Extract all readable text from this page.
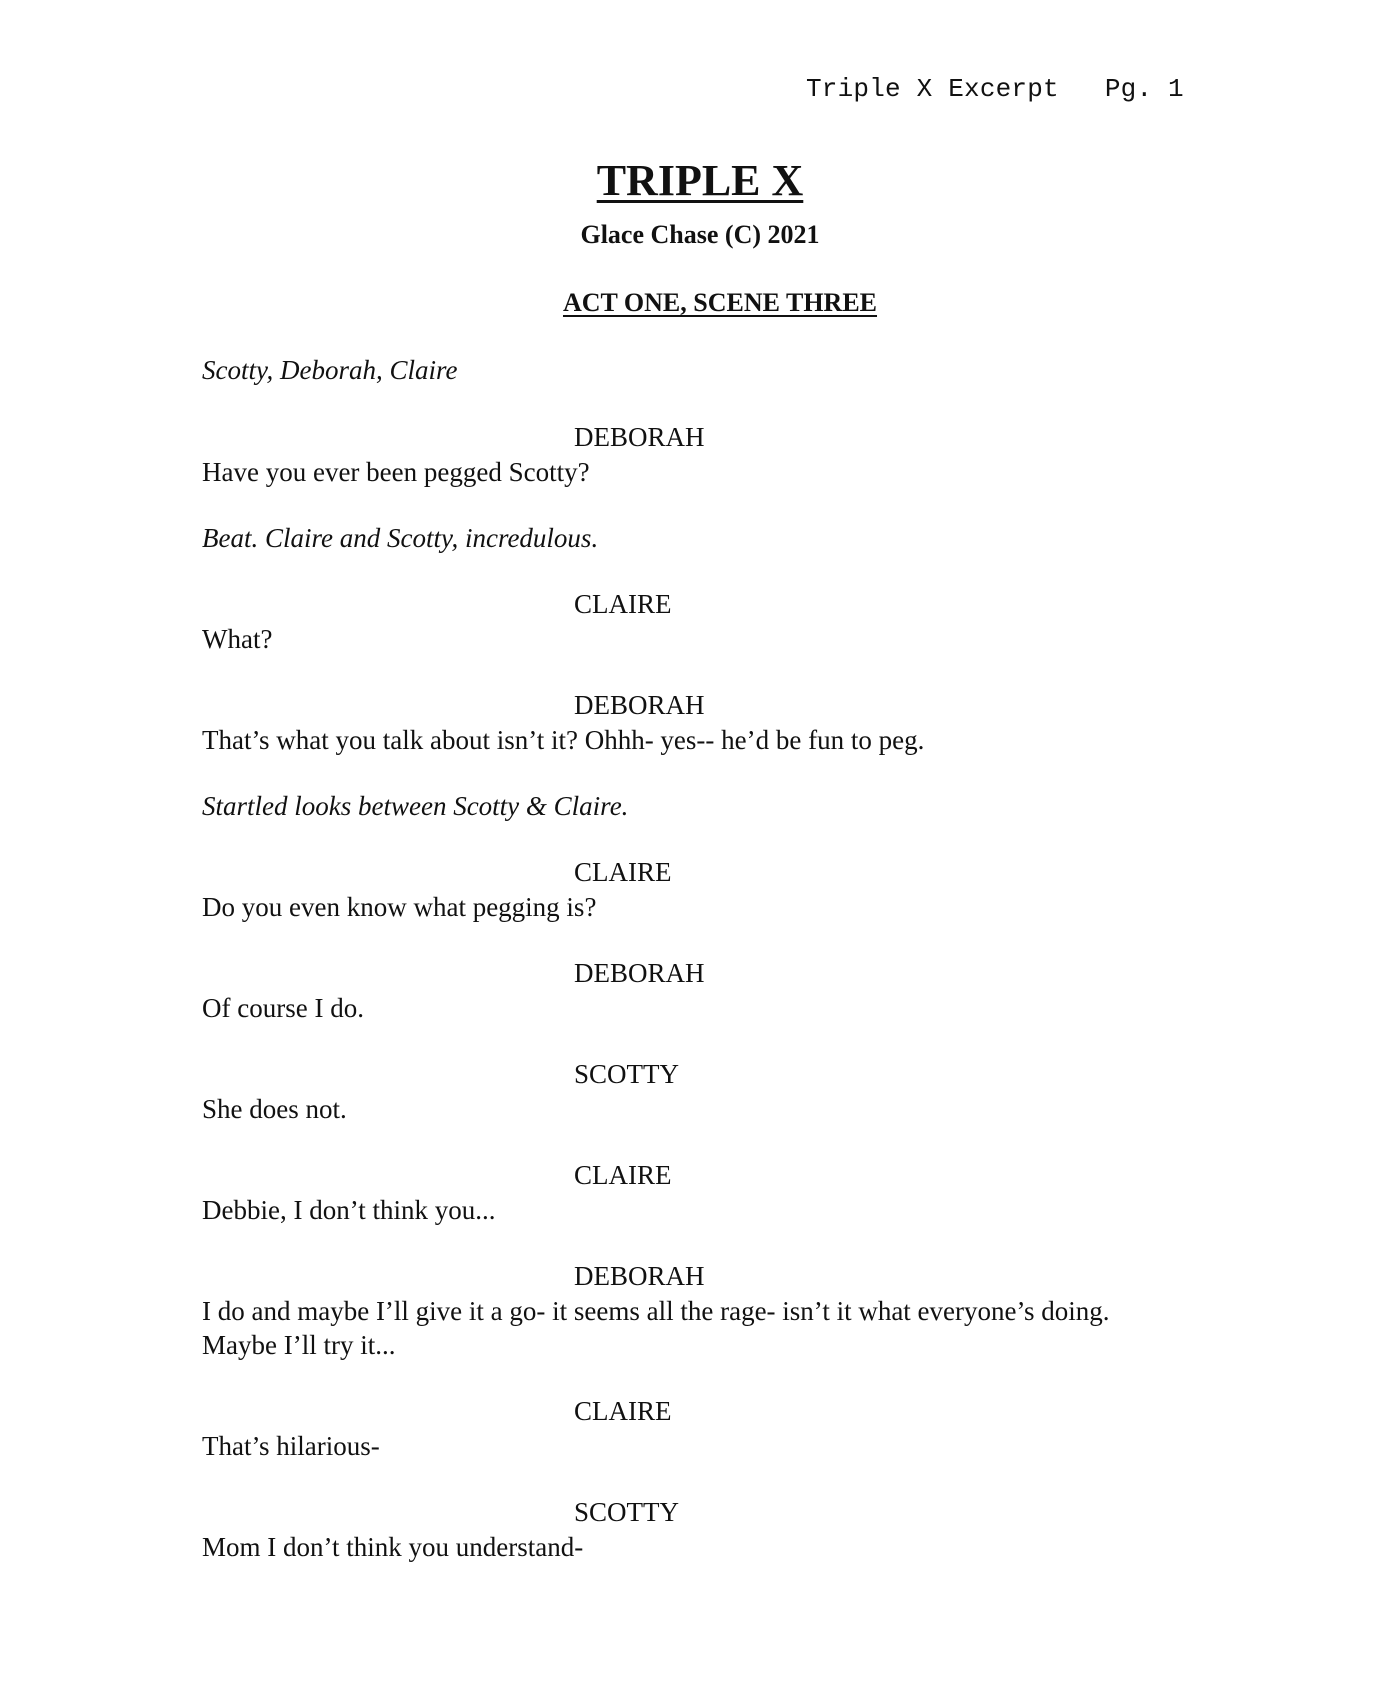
Triple X Excerpt Pg. 1
TRIPLE X
Glace Chase (C) 2021
ACT ONE, SCENE THREE
Scotty, Deborah, Claire
DEBORAH
Have you ever been pegged Scotty?
Beat. Claire and Scotty, incredulous.
CLAIRE
What?
DEBORAH
That’s what you talk about isn’t it? Ohhh- yes-- he’d be fun to peg.
Startled looks between Scotty & Claire.
CLAIRE
Do you even know what pegging is?
DEBORAH
Of course I do.
SCOTTY
She does not.
CLAIRE
Debbie, I don’t think you...
DEBORAH
I do and maybe I’ll give it a go- it seems all the rage- isn’t it what everyone’s doing.
Maybe I’ll try it...
CLAIRE
That’s hilarious-
SCOTTY
Mom I don’t think you understand-
